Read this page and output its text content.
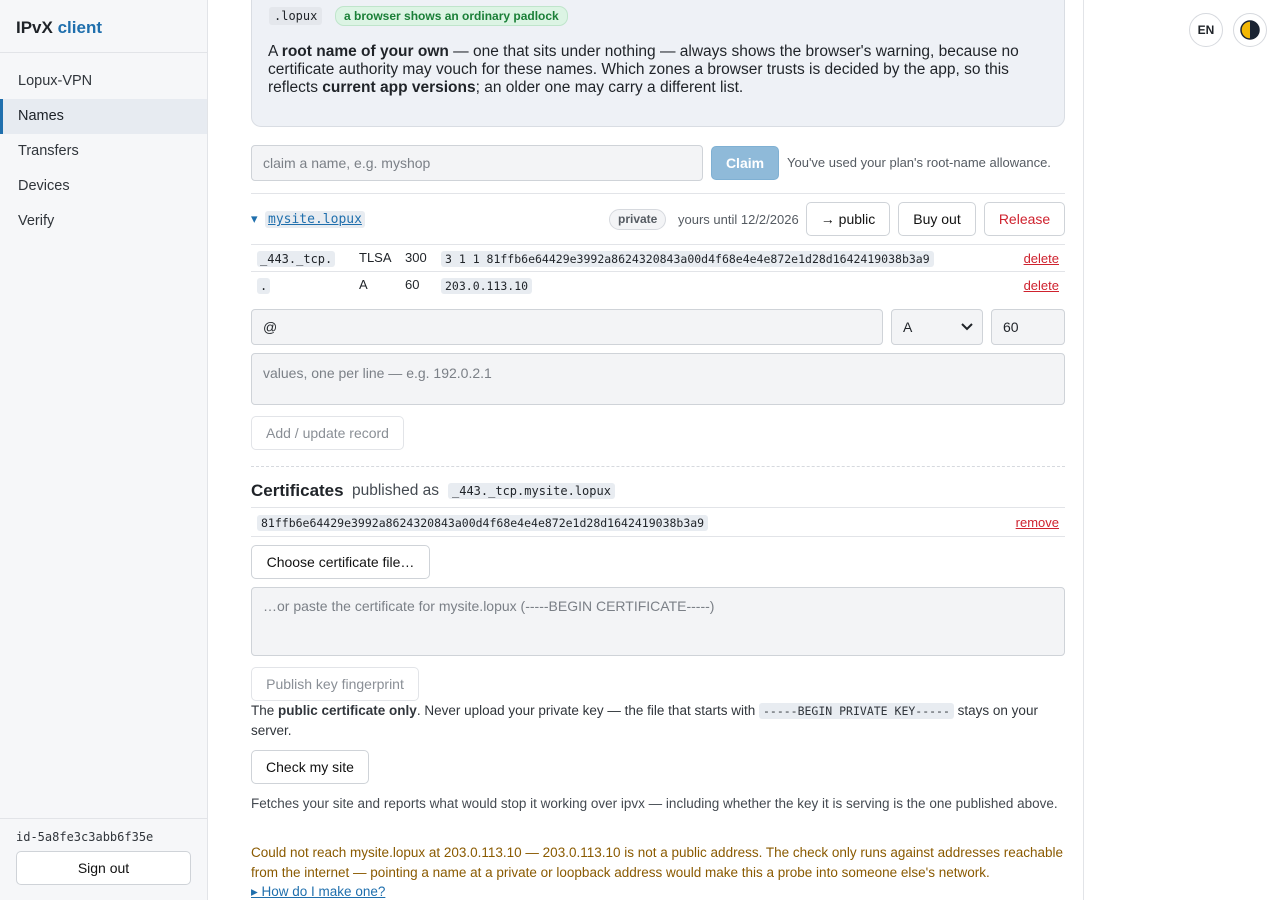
IPvX client
Lopux-VPN
Names
Transfers
Devices
Verify
id-5a8fe3c3abb6f35e
Sign out
EN
.lopux	a browser shows an ordinary padlock

A root name of your own — one that sits under nothing — always shows the browser's warning, because no certificate authority may vouch for these names. Which zones a browser trusts is decided by the app, so this reflects current app versions; an older one may carry a different list.

claim a name, e.g. myshop
Claim	You've used your plan's root-name allowance.
▾ mysite.lopux	private	yours until 12/2/2026	→ public	Buy out	Release
_443._tcp. TLSA 300	3 1 1 81ffb6e64429e3992a8624320843a00d4f68e4e4e872e1d28d1642419038b3a9	delete
.	A	60	203.0.113.10	delete
@	A	60
values, one per line — e.g. 192.0.2.1
Add / update record
Certificates published as	_443._tcp.mysite.lopux
81ffb6e64429e3992a8624320843a00d4f68e4e4e872e1d28d1642419038b3a9	remove
Choose certificate file…
…or paste the certificate for mysite.lopux (-----BEGIN CERTIFICATE-----)
Publish key fingerprint

The public certificate only. Never upload your private key — the file that starts with -----BEGIN PRIVATE KEY----- stays on your server.

Check my site

Fetches your site and reports what would stop it working over ipvx — including whether the key it is serving is the one published above.

Could not reach mysite.lopux at 203.0.113.10 — 203.0.113.10 is not a public address. The check only runs against addresses reachable from the internet — pointing a name at a private or loopback address would make this a probe into someone else's network.

▸ How do I make one?
